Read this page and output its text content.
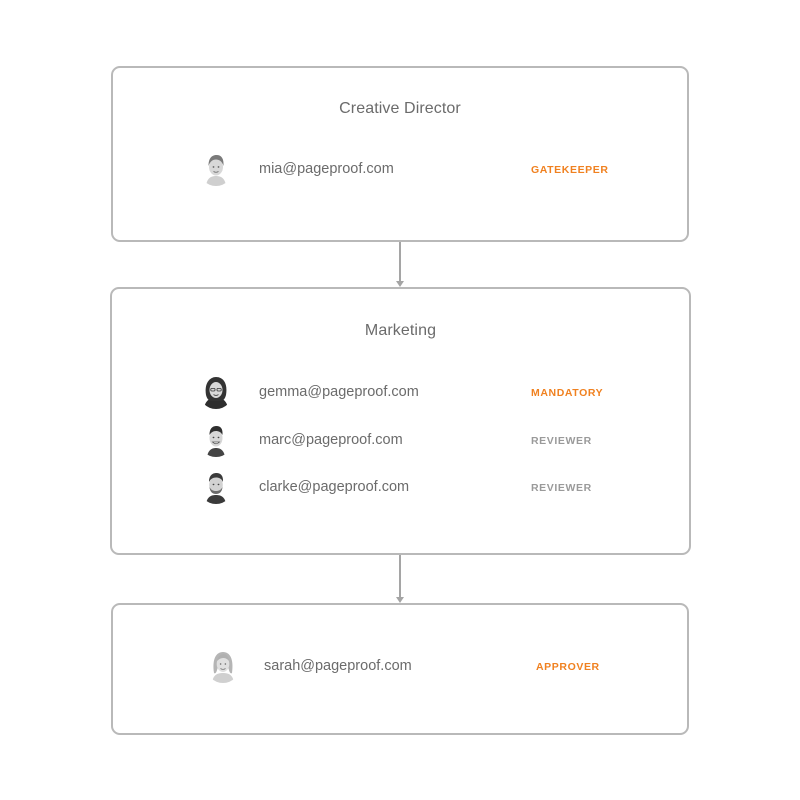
Creative Director
mia@pageproof.com	GATEKEEPER
Marketing
gemma@pageproof.com	MANDATORY
marc@pageproof.com	REVIEWER
clarke@pageproof.com	REVIEWER
sarah@pageproof.com	APPROVER
